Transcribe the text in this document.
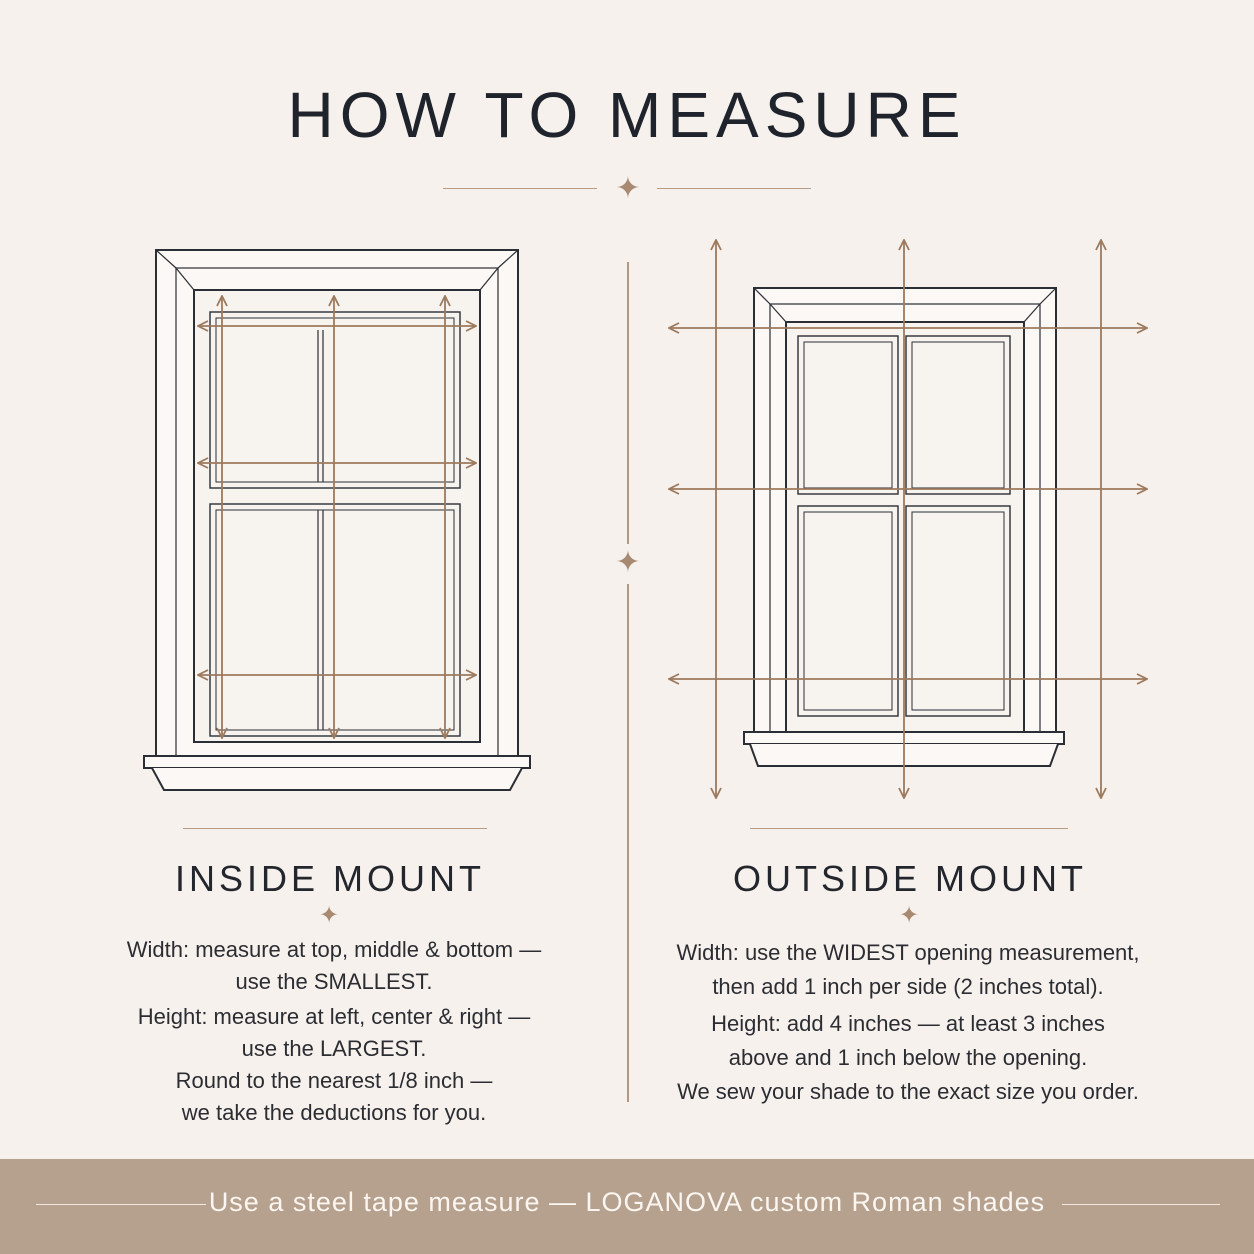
HOW TO MEASURE
✦
✦
INSIDE MOUNT
✦
Width: measure at top, middle & bottom —
use the SMALLEST.
Height: measure at left, center & right —
use the LARGEST.
Round to the nearest 1/8 inch —
we take the deductions for you.
OUTSIDE MOUNT
✦
Width: use the WIDEST opening measurement,
then add 1 inch per side (2 inches total).
Height: add 4 inches — at least 3 inches
above and 1 inch below the opening.
We sew your shade to the exact size you order.
Use a steel tape measure — LOGANOVA custom Roman shades
